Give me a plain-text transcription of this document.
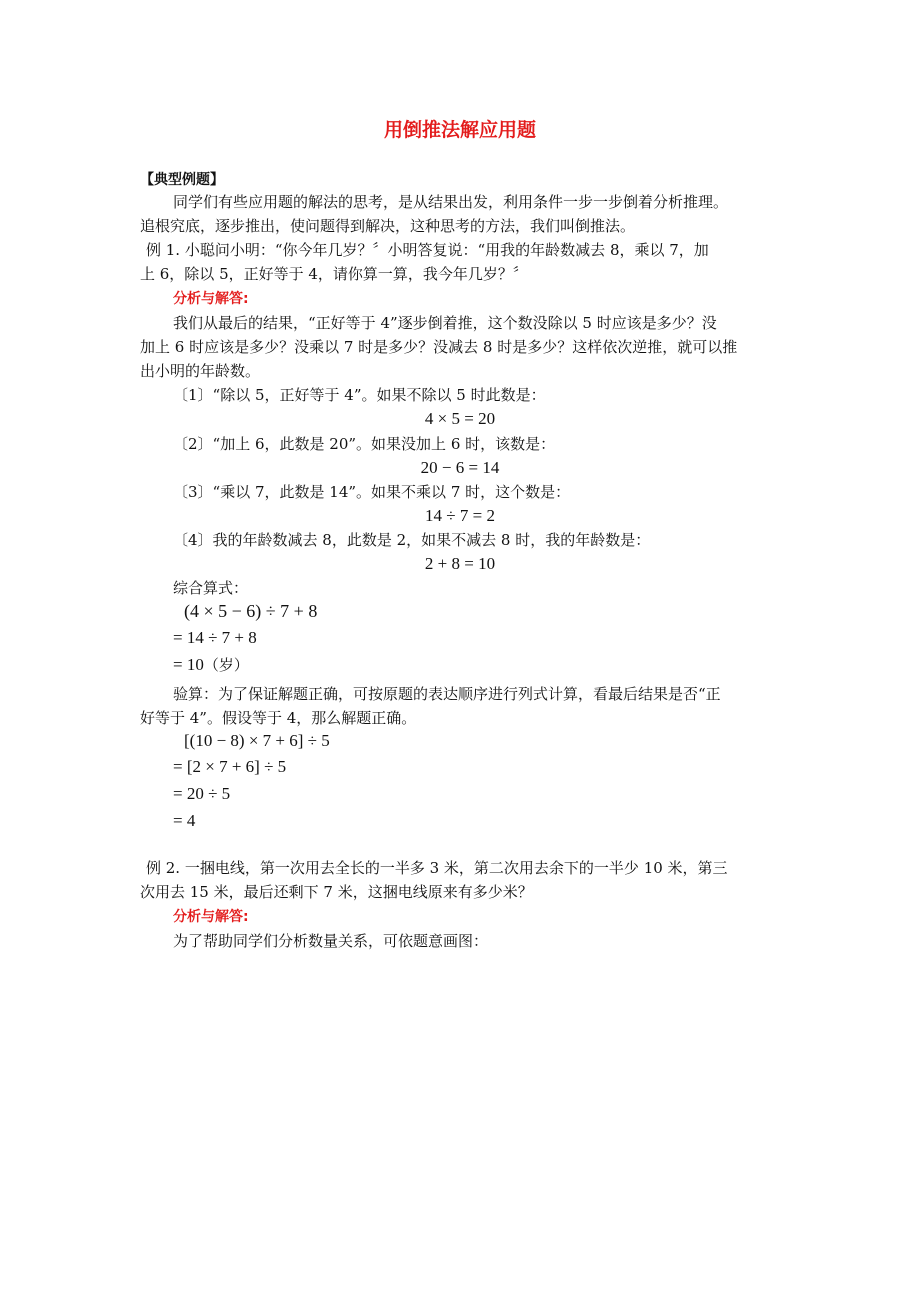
用倒推法解应用题
【典型例题】
同学们有些应用题的解法的思考，是从结果出发，利用条件一步一步倒着分析推理。
追根究底，逐步推出，使问题得到解决，这种思考的方法，我们叫倒推法。
例 1. 小聪问小明：“你今年几岁？〞小明答复说：“用我的年龄数减去 8，乘以 7，加
上 6，除以 5，正好等于 4，请你算一算，我今年几岁？〞
分析与解答:
我们从最后的结果，“正好等于 4”逐步倒着推，这个数没除以 5 时应该是多少？没
加上 6 时应该是多少？没乘以 7 时是多少？没减去 8 时是多少？这样依次逆推，就可以推
出小明的年龄数。
〔1〕“除以 5，正好等于 4”。如果不除以 5 时此数是：
4 × 5 = 20
〔2〕“加上 6，此数是 20”。如果没加上 6 时，该数是：
20 − 6 = 14
〔3〕“乘以 7，此数是 14”。如果不乘以 7 时，这个数是：
14 ÷ 7 = 2
〔4〕我的年龄数减去 8，此数是 2，如果不减去 8 时，我的年龄数是：
2 + 8 = 10
综合算式：
(4 × 5 − 6) ÷ 7 + 8
= 14 ÷ 7 + 8
= 10（岁）
验算：为了保证解题正确，可按原题的表达顺序进行列式计算，看最后结果是否“正
好等于 4”。假设等于 4，那么解题正确。
[(10 − 8) × 7 + 6] ÷ 5
= [2 × 7 + 6] ÷ 5
= 20 ÷ 5
= 4
例 2. 一捆电线，第一次用去全长的一半多 3 米，第二次用去余下的一半少 10 米，第三
次用去 15 米，最后还剩下 7 米，这捆电线原来有多少米？
分析与解答:
为了帮助同学们分析数量关系，可依题意画图：
